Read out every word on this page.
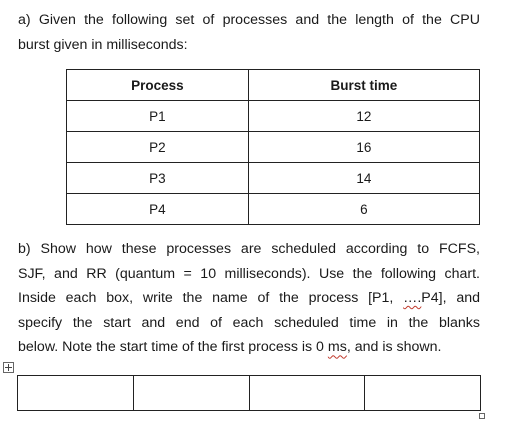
a) Given the following set of processes and the length of the CPU
burst given in milliseconds:

Process	Burst time
P1	12
P2	16
P3	14
P4	6

b) Show how these processes are scheduled according to FCFS,
SJF, and RR (quantum = 10 milliseconds). Use the following chart.
Inside each box, write the name of the process [P1, ….P4], and
specify the start and end of each scheduled time in the blanks
below. Note the start time of the first process is 0 ms, and is shown.
